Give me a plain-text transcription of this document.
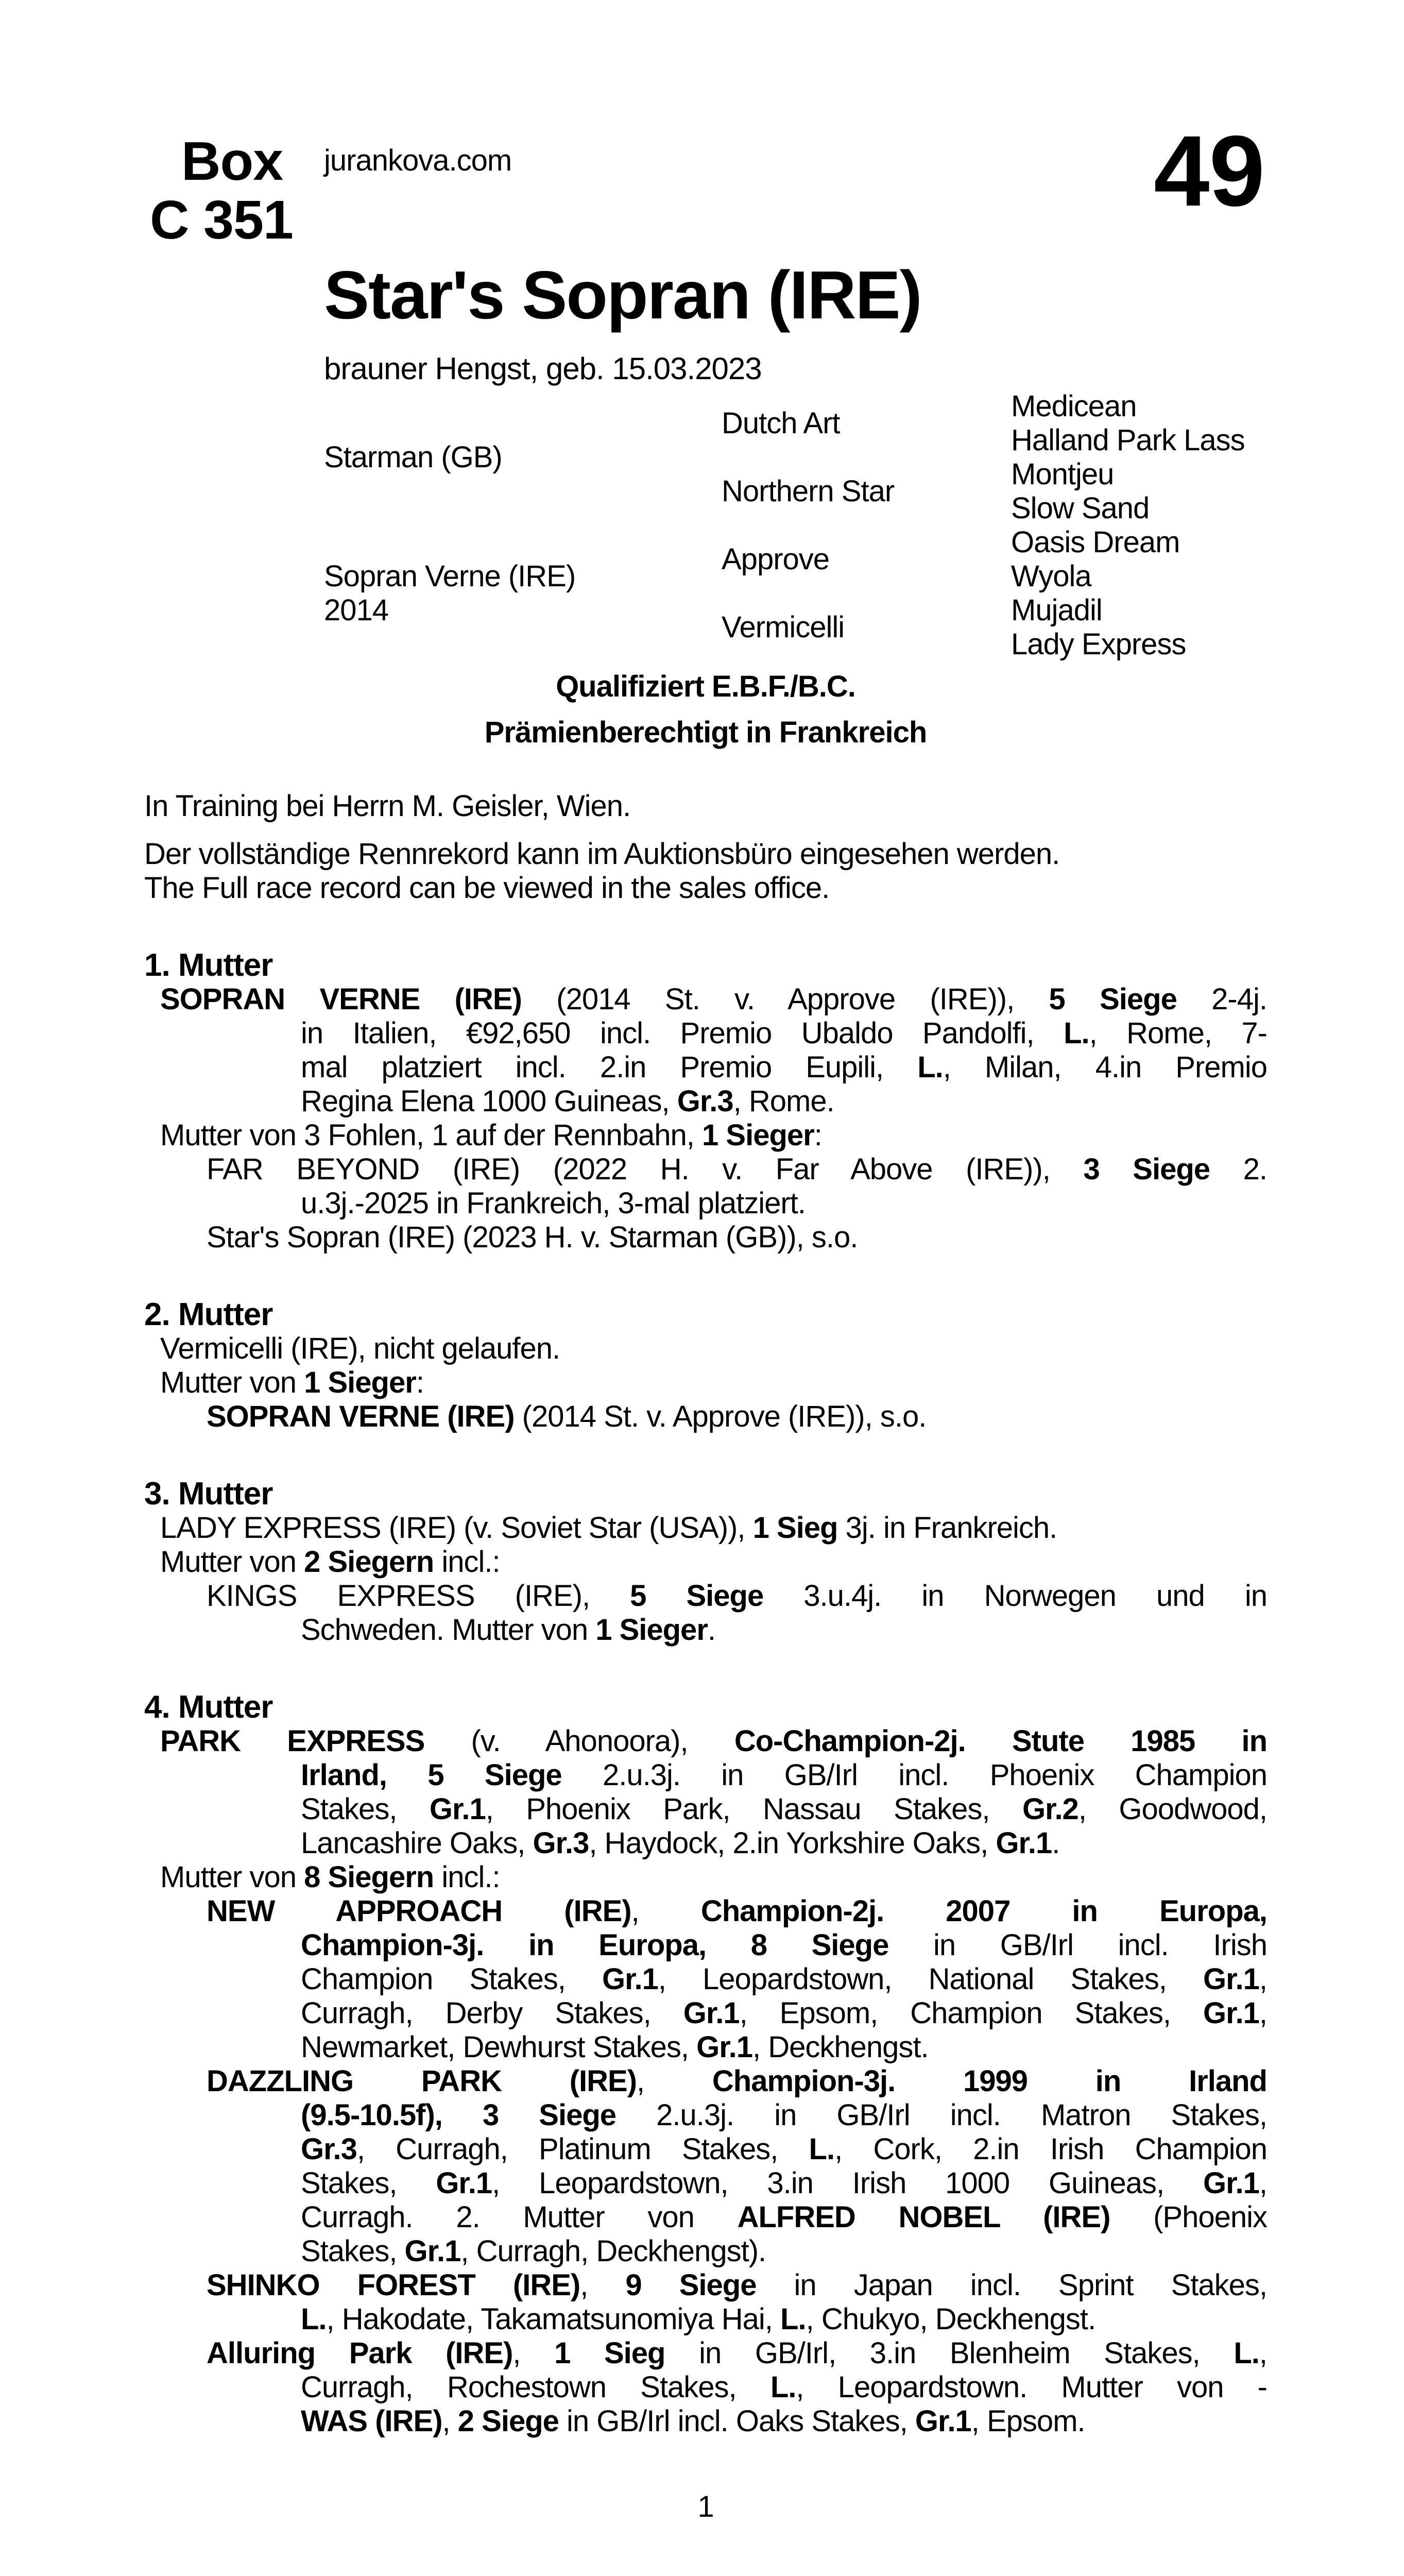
Box
C 351
jurankova.com	49
Star's Sopran (IRE)
brauner Hengst, geb. 15.03.2023
Starman (GB)
Sopran Verne (IRE)
2014
Dutch Art
Northern Star
Approve
Vermicelli
Medicean
Halland Park Lass
Montjeu
Slow Sand
Oasis Dream
Wyola
Mujadil
Lady Express
Qualifiziert E.B.F./B.C.
Prämienberechtigt in Frankreich
In Training bei Herrn M. Geisler, Wien.
Der vollständige Rennrekord kann im Auktionsbüro eingesehen werden.
The Full race record can be viewed in the sales office.
1. Mutter
SOPRAN VERNE (IRE) (2014 St. v. Approve (IRE)), 5 Siege 2-4j.
in Italien, €92,650 incl. Premio Ubaldo Pandolfi, L., Rome, 7-
mal platziert incl. 2.in Premio Eupili, L., Milan, 4.in Premio
Regina Elena 1000 Guineas, Gr.3, Rome.
Mutter von 3 Fohlen, 1 auf der Rennbahn, 1 Sieger:
FAR BEYOND (IRE) (2022 H. v. Far Above (IRE)), 3 Siege 2.
u.3j.-2025 in Frankreich, 3-mal platziert.
Star's Sopran (IRE) (2023 H. v. Starman (GB)), s.o.
2. Mutter
Vermicelli (IRE), nicht gelaufen.
Mutter von 1 Sieger:
SOPRAN VERNE (IRE) (2014 St. v. Approve (IRE)), s.o.
3. Mutter
LADY EXPRESS (IRE) (v. Soviet Star (USA)), 1 Sieg 3j. in Frankreich.
Mutter von 2 Siegern incl.:
KINGS EXPRESS (IRE), 5 Siege 3.u.4j. in Norwegen und in
Schweden. Mutter von 1 Sieger.
4. Mutter
PARK EXPRESS (v. Ahonoora), Co-Champion-2j. Stute 1985 in
Irland, 5 Siege 2.u.3j. in GB/Irl incl. Phoenix Champion
Stakes, Gr.1, Phoenix Park, Nassau Stakes, Gr.2, Goodwood,
Lancashire Oaks, Gr.3, Haydock, 2.in Yorkshire Oaks, Gr.1.
Mutter von 8 Siegern incl.:
NEW APPROACH (IRE), Champion-2j. 2007 in Europa,
Champion-3j. in Europa, 8 Siege in GB/Irl incl. Irish
Champion Stakes, Gr.1, Leopardstown, National Stakes, Gr.1,
Curragh, Derby Stakes, Gr.1, Epsom, Champion Stakes, Gr.1,
Newmarket, Dewhurst Stakes, Gr.1, Deckhengst.
DAZZLING PARK (IRE), Champion-3j. 1999 in Irland
(9.5-10.5f), 3 Siege 2.u.3j. in GB/Irl incl. Matron Stakes,
Gr.3, Curragh, Platinum Stakes, L., Cork, 2.in Irish Champion
Stakes, Gr.1, Leopardstown, 3.in Irish 1000 Guineas, Gr.1,
Curragh. 2. Mutter von ALFRED NOBEL (IRE) (Phoenix
Stakes, Gr.1, Curragh, Deckhengst).
SHINKO FOREST (IRE), 9 Siege in Japan incl. Sprint Stakes,
L., Hakodate, Takamatsunomiya Hai, L., Chukyo, Deckhengst.
Alluring Park (IRE), 1 Sieg in GB/Irl, 3.in Blenheim Stakes, L.,
Curragh, Rochestown Stakes, L., Leopardstown. Mutter von -
WAS (IRE), 2 Siege in GB/Irl incl. Oaks Stakes, Gr.1, Epsom.
1
